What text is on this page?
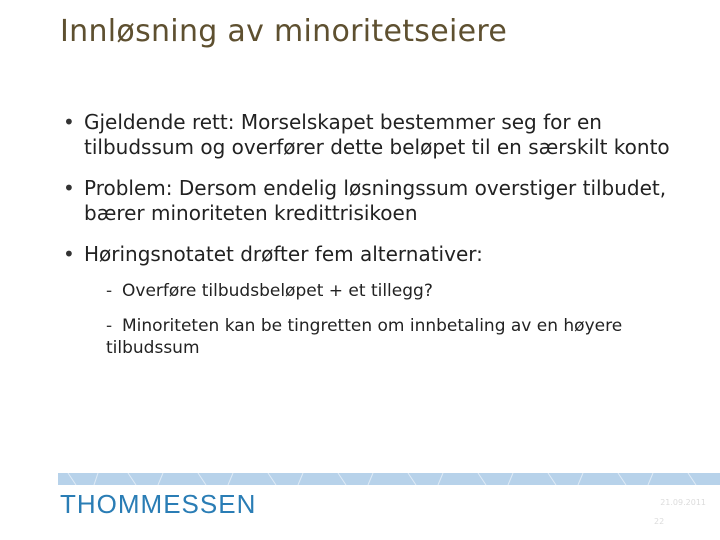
Innløsning av minoritetseiere
• Gjeldende rett: Morselskapet bestemmer seg for en tilbudssum og overfører dette beløpet til en særskilt konto
• Problem: Dersom endelig løsningssum overstiger tilbudet, bærer minoriteten kredittrisikoen
• Høringsnotatet drøfter fem alternativer:
- Overføre tilbudsbeløpet + et tillegg?
- Minoriteten kan be tingretten om innbetaling av en høyere tilbudssum
THOMMESSEN	21.09.2011
22
